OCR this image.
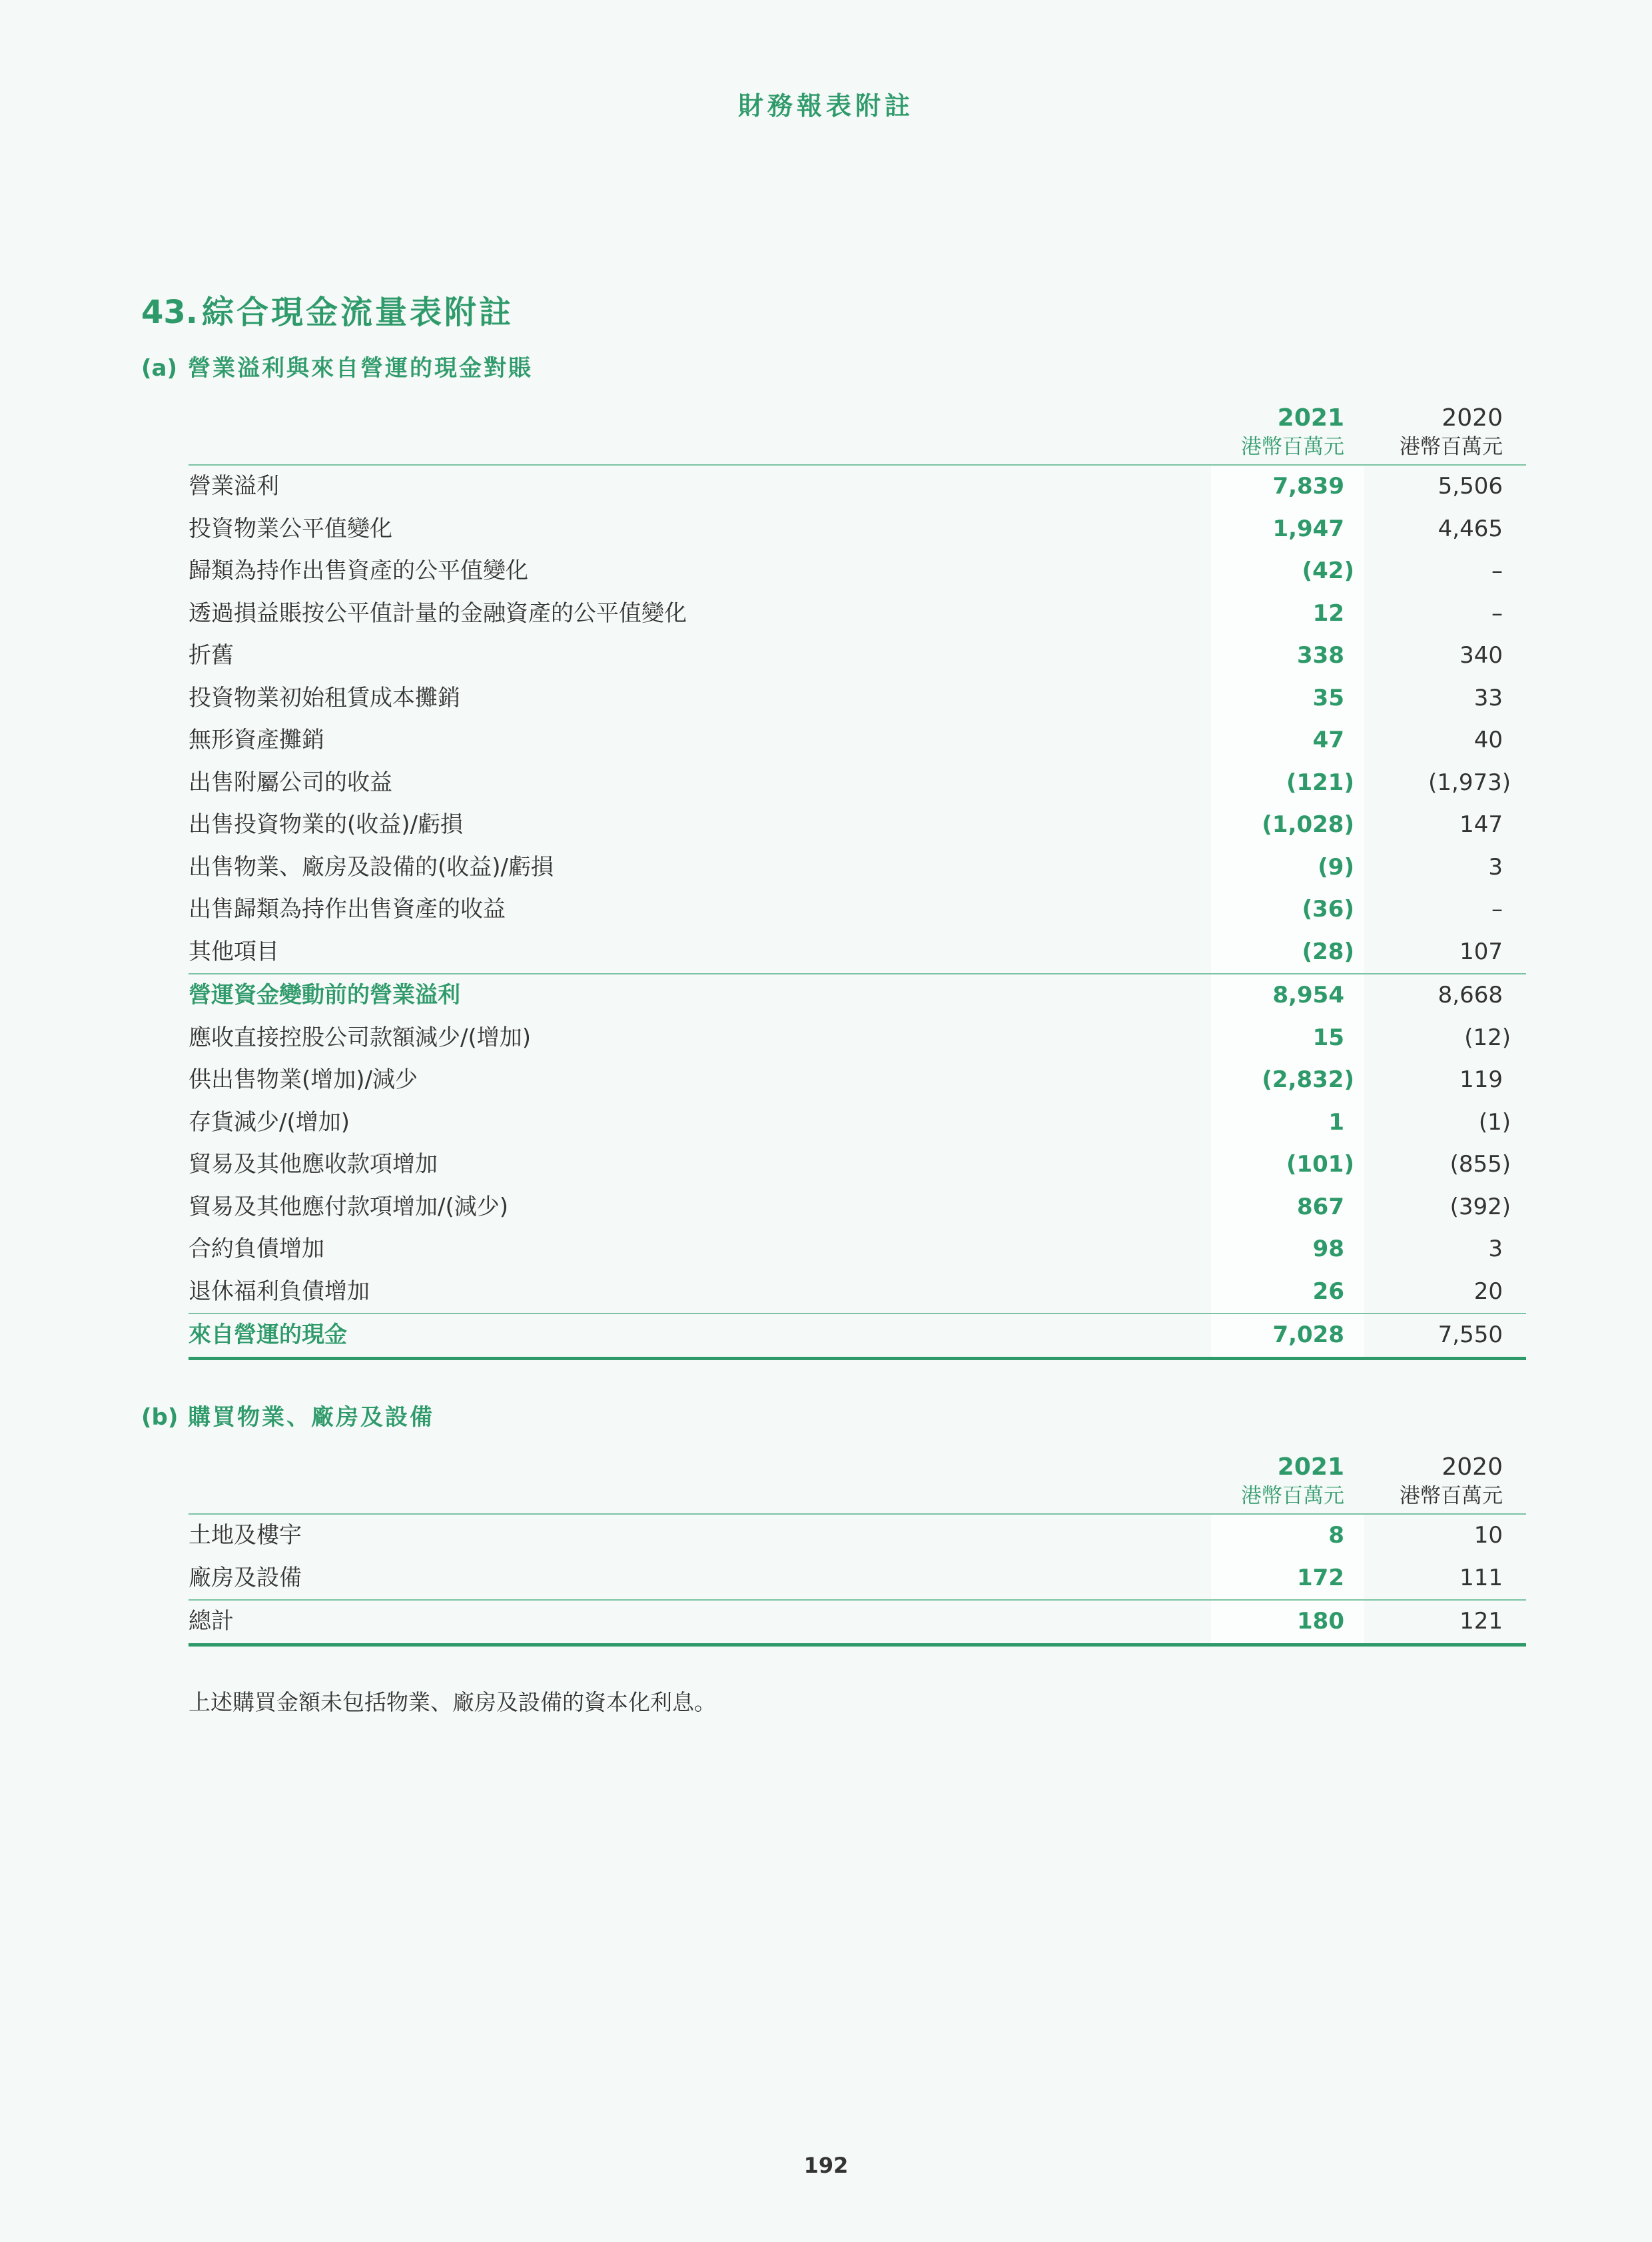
財務報表附註
43. 綜合現金流量表附註
(a) 營業溢利與來自營運的現金對賬
2021
港幣百萬元
2020
港幣百萬元
營業溢利	7,839	5,506
投資物業公平值變化	1,947	4,465
歸類為持作出售資產的公平值變化	(42)	–
透過損益賬按公平值計量的金融資產的公平值變化	12	–
折舊	338	340
投資物業初始租賃成本攤銷	35	33
無形資產攤銷	47	40
出售附屬公司的收益	(121)	(1,973)
出售投資物業的(收益)/虧損	(1,028)	147
出售物業、廠房及設備的(收益)/虧損	(9)	3
出售歸類為持作出售資產的收益	(36)	–
其他項目	(28)	107
營運資金變動前的營業溢利	8,954	8,668
應收直接控股公司款額減少/(增加)	15	(12)
供出售物業(增加)/減少	(2,832)	119
存貨減少/(增加)	1	(1)
貿易及其他應收款項增加	(101)	(855)
貿易及其他應付款項增加/(減少)	867	(392)
合約負債增加	98	3
退休福利負債增加	26	20
來自營運的現金	7,028	7,550
(b) 購買物業、廠房及設備
2021
港幣百萬元
2020
港幣百萬元
土地及樓宇	8	10
廠房及設備	172	111
總計	180	121
上述購買金額未包括物業、廠房及設備的資本化利息。
192
